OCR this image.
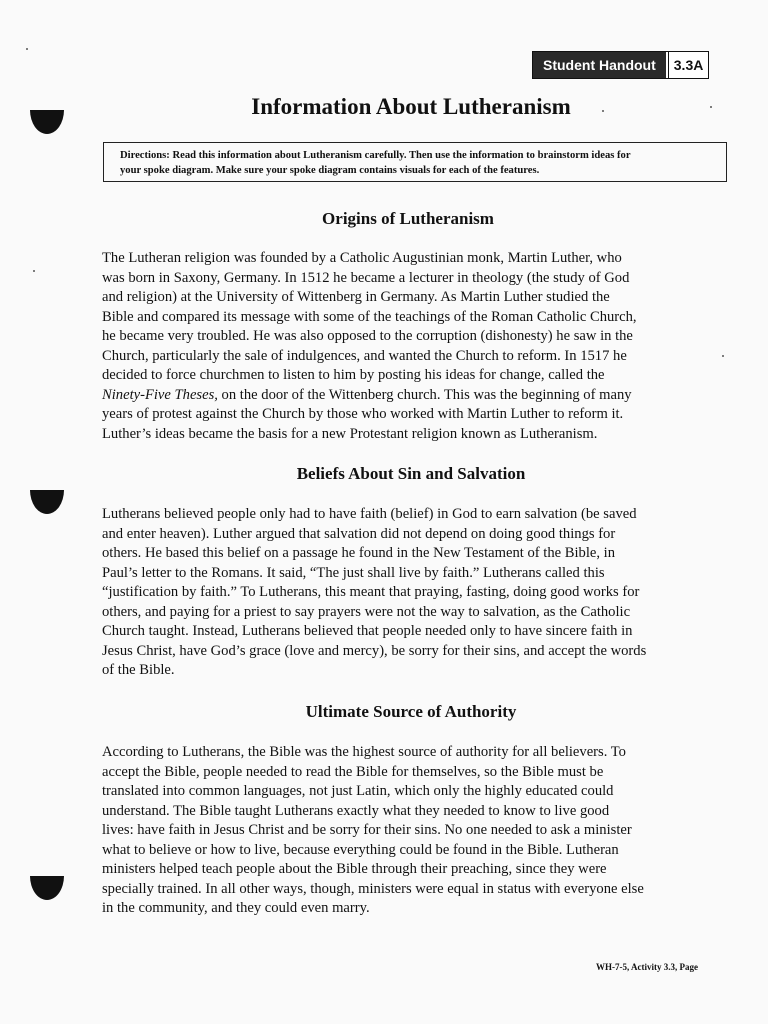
Student Handout	3.3A
Information About Lutheranism
Directions: Read this information about Lutheranism carefully. Then use the information to brainstorm ideas for
your spoke diagram. Make sure your spoke diagram contains visuals for each of the features.
Origins of Lutheranism
The Lutheran religion was founded by a Catholic Augustinian monk, Martin Luther, who
was born in Saxony, Germany. In 1512 he became a lecturer in theology (the study of God
and religion) at the University of Wittenberg in Germany. As Martin Luther studied the
Bible and compared its message with some of the teachings of the Roman Catholic Church,
he became very troubled. He was also opposed to the corruption (dishonesty) he saw in the
Church, particularly the sale of indulgences, and wanted the Church to reform. In 1517 he
decided to force churchmen to listen to him by posting his ideas for change, called the
Ninety-Five Theses, on the door of the Wittenberg church. This was the beginning of many
years of protest against the Church by those who worked with Martin Luther to reform it.
Luther’s ideas became the basis for a new Protestant religion known as Lutheranism.
Beliefs About Sin and Salvation
Lutherans believed people only had to have faith (belief) in God to earn salvation (be saved
and enter heaven). Luther argued that salvation did not depend on doing good things for
others. He based this belief on a passage he found in the New Testament of the Bible, in
Paul’s letter to the Romans. It said, “The just shall live by faith.” Lutherans called this
“justification by faith.” To Lutherans, this meant that praying, fasting, doing good works for
others, and paying for a priest to say prayers were not the way to salvation, as the Catholic
Church taught. Instead, Lutherans believed that people needed only to have sincere faith in
Jesus Christ, have God’s grace (love and mercy), be sorry for their sins, and accept the words
of the Bible.
Ultimate Source of Authority
According to Lutherans, the Bible was the highest source of authority for all believers. To
accept the Bible, people needed to read the Bible for themselves, so the Bible must be
translated into common languages, not just Latin, which only the highly educated could
understand. The Bible taught Lutherans exactly what they needed to know to live good
lives: have faith in Jesus Christ and be sorry for their sins. No one needed to ask a minister
what to believe or how to live, because everything could be found in the Bible. Lutheran
ministers helped teach people about the Bible through their preaching, since they were
specially trained. In all other ways, though, ministers were equal in status with everyone else
in the community, and they could even marry.
WH-7-5, Activity 3.3, Page
